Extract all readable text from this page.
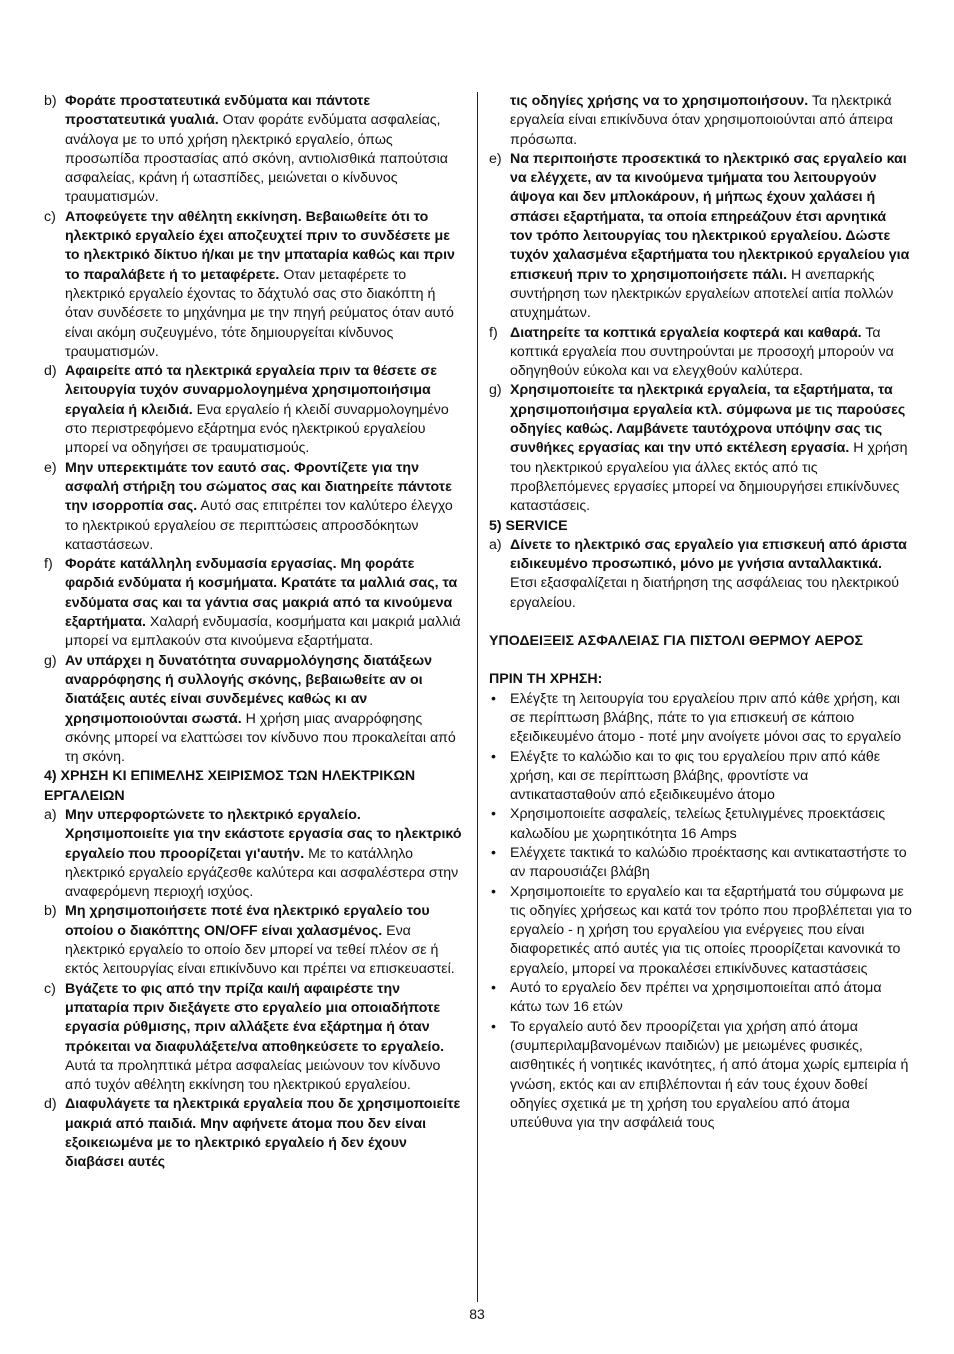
b) Φοράτε προστατευτικά ενδύματα και πάντοτε προστατευτικά γυαλιά. Οταν φοράτε ενδύματα ασφαλείας, ανάλογα με το υπό χρήση ηλεκτρικό εργαλείο, όπως προσωπίδα προστασίας από σκόνη, αντιολισθικά παπούτσια ασφαλείας, κράνη ή ωτασπίδες, μειώνεται ο κίνδυνος τραυματισμών.
c) Αποφεύγετε την αθέλητη εκκίνηση. Βεβαιωθείτε ότι το ηλεκτρικό εργαλείο έχει αποζευχτεί πριν το συνδέσετε με το ηλεκτρικό δίκτυο ή/και με την μπαταρία καθώς και πριν το παραλάβετε ή το μεταφέρετε. Οταν μεταφέρετε το ηλεκτρικό εργαλείο έχοντας το δάχτυλό σας στο διακόπτη ή όταν συνδέσετε το μηχάνημα με την πηγή ρεύματος όταν αυτό είναι ακόμη συζευγμένο, τότε δημιουργείται κίνδυνος τραυματισμών.
d) Αφαιρείτε από τα ηλεκτρικά εργαλεία πριν τα θέσετε σε λειτουργία τυχόν συναρμολογημένα χρησιμοποιήσιμα εργαλεία ή κλειδιά. Ενα εργαλείο ή κλειδί συναρμολογημένο στο περιστρεφόμενο εξάρτημα ενός ηλεκτρικού εργαλείου μπορεί να οδηγήσει σε τραυματισμούς.
e) Μην υπερεκτιμάτε τον εαυτό σας. Φροντίζετε για την ασφαλή στήριξη του σώματος σας και διατηρείτε πάντοτε την ισορροπία σας. Αυτό σας επιτρέπει τον καλύτερο έλεγχο το ηλεκτρικού εργαλείου σε περιπτώσεις απροσδόκητων καταστάσεων.
f) Φοράτε κατάλληλη ενδυμασία εργασίας. Μη φοράτε φαρδιά ενδύματα ή κοσμήματα. Κρατάτε τα μαλλιά σας, τα ενδύματα σας και τα γάντια σας μακριά από τα κινούμενα εξαρτήματα. Χαλαρή ενδυμασία, κοσμήματα και μακριά μαλλιά μπορεί να εμπλακούν στα κινούμενα εξαρτήματα.
g) Αν υπάρχει η δυνατότητα συναρμολόγησης διατάξεων αναρρόφησης ή συλλογής σκόνης, βεβαιωθείτε αν οι διατάξεις αυτές είναι συνδεμένες καθώς κι αν χρησιμοποιούνται σωστά. Η χρήση μιας αναρρόφησης σκόνης μπορεί να ελαττώσει τον κίνδυνο που προκαλείται από τη σκόνη.
4) ΧΡΗΣΗ ΚΙ ΕΠΙΜΕΛΗΣ ΧΕΙΡΙΣΜΟΣ ΤΩΝ ΗΛΕΚΤΡΙΚΩΝ ΕΡΓΑΛΕΙΩΝ
a) Μην υπερφορτώνετε το ηλεκτρικό εργαλείο. Χρησιμοποιείτε για την εκάστοτε εργασία σας το ηλεκτρικό εργαλείο που προορίζεται γι'αυτήν. Με το κατάλληλο ηλεκτρικό εργαλείο εργάζεσθε καλύτερα και ασφαλέστερα στην αναφερόμενη περιοχή ισχύος.
b) Μη χρησιμοποιήσετε ποτέ ένα ηλεκτρικό εργαλείο του οποίου ο διακόπτης ON/OFF είναι χαλασμένος. Ενα ηλεκτρικό εργαλείο το οποίο δεν μπορεί να τεθεί πλέον σε ή εκτός λειτουργίας είναι επικίνδυνο και πρέπει να επισκευαστεί.
c) Βγάζετε το φις από την πρίζα και/ή αφαιρέστε την μπαταρία πριν διεξάγετε στο εργαλείο μια οποιαδήποτε εργασία ρύθμισης, πριν αλλάξετε ένα εξάρτημα ή όταν πρόκειται να διαφυλάξετε/να αποθηκεύσετε το εργαλείο. Αυτά τα προληπτικά μέτρα ασφαλείας μειώνουν τον κίνδυνο από τυχόν αθέλητη εκκίνηση του ηλεκτρικού εργαλείου.
d) Διαφυλάγετε τα ηλεκτρικά εργαλεία που δε χρησιμοποιείτε μακριά από παιδιά. Μην αφήνετε άτομα που δεν είναι εξοικειωμένα με το ηλεκτρικό εργαλείο ή δεν έχουν διαβάσει αυτές
τις οδηγίες χρήσης να το χρησιμοποιήσουν. Τα ηλεκτρικά εργαλεία είναι επικίνδυνα όταν χρησιμοποιούνται από άπειρα πρόσωπα.
e) Να περιποιήστε προσεκτικά το ηλεκτρικό σας εργαλείο και να ελέγχετε, αν τα κινούμενα τμήματα του λειτουργούν άψογα και δεν μπλοκάρουν, ή μήπως έχουν χαλάσει ή σπάσει εξαρτήματα, τα οποία επηρεάζουν έτσι αρνητικά τον τρόπο λειτουργίας του ηλεκτρικού εργαλείου. Δώστε τυχόν χαλασμένα εξαρτήματα του ηλεκτρικού εργαλείου για επισκευή πριν το χρησιμοποιήσετε πάλι. Η ανεπαρκής συντήρηση των ηλεκτρικών εργαλείων αποτελεί αιτία πολλών ατυχημάτων.
f) Διατηρείτε τα κοπτικά εργαλεία κοφτερά και καθαρά. Τα κοπτικά εργαλεία που συντηρούνται με προσοχή μπορούν να οδηγηθούν εύκολα και να ελεγχθούν καλύτερα.
g) Χρησιμοποιείτε τα ηλεκτρικά εργαλεία, τα εξαρτήματα, τα χρησιμοποιήσιμα εργαλεία κτλ. σύμφωνα με τις παρούσες οδηγίες καθώς. Λαμβάνετε ταυτόχρονα υπόψην σας τις συνθήκες εργασίας και την υπό εκτέλεση εργασία. Η χρήση του ηλεκτρικού εργαλείου για άλλες εκτός από τις προβλεπόμενες εργασίες μπορεί να δημιουργήσει επικίνδυνες καταστάσεις.
5) SERVICE
a) Δίνετε το ηλεκτρικό σας εργαλείο για επισκευή από άριστα ειδικευμένο προσωπικό, μόνο με γνήσια ανταλλακτικά. Ετσι εξασφαλίζεται η διατήρηση της ασφάλειας του ηλεκτρικού εργαλείου.
ΥΠΟΔΕΙΞΕΙΣ ΑΣΦΑΛΕΙΑΣ ΓΙΑ ΠΙΣΤΟΛΙ ΘΕΡΜΟΥ ΑΕΡΟΣ
ΠΡΙΝ ΤΗ ΧΡΗΣΗ:
• Ελέγξτε τη λειτουργία του εργαλείου πριν από κάθε χρήση, και σε περίπτωση βλάβης, πάτε το για επισκευή σε κάποιο εξειδικευμένο άτομο - ποτέ μην ανοίγετε μόνοι σας το εργαλείο
• Ελέγξτε το καλώδιο και το φις του εργαλείου πριν από κάθε χρήση, και σε περίπτωση βλάβης, φροντίστε να αντικατασταθούν από εξειδικευμένο άτομο
• Χρησιμοποιείτε ασφαλείς, τελείως ξετυλιγμένες προεκτάσεις καλωδίου με χωρητικότητα 16 Amps
• Ελέγχετε τακτικά το καλώδιο προέκτασης και αντικαταστήστε το αν παρουσιάζει βλάβη
• Χρησιμοποιείτε το εργαλείο και τα εξαρτήματά του σύμφωνα με τις οδηγίες χρήσεως και κατά τον τρόπο που προβλέπεται για το εργαλείο - η χρήση του εργαλείου για ενέργειες που είναι διαφορετικές από αυτές για τις οποίες προορίζεται κανονικά το εργαλείο, μπορεί να προκαλέσει επικίνδυνες καταστάσεις
• Αυτό το εργαλείο δεν πρέπει να χρησιμοποιείται από άτομα κάτω των 16 ετών
• Το εργαλείο αυτό δεν προορίζεται για χρήση από άτομα (συμπεριλαμβανομένων παιδιών) με μειωμένες φυσικές, αισθητικές ή νοητικές ικανότητες, ή από άτομα χωρίς εμπειρία ή γνώση, εκτός και αν επιβλέπονται ή εάν τους έχουν δοθεί οδηγίες σχετικά με τη χρήση του εργαλείου από άτομα υπεύθυνα για την ασφάλειά τους
83
